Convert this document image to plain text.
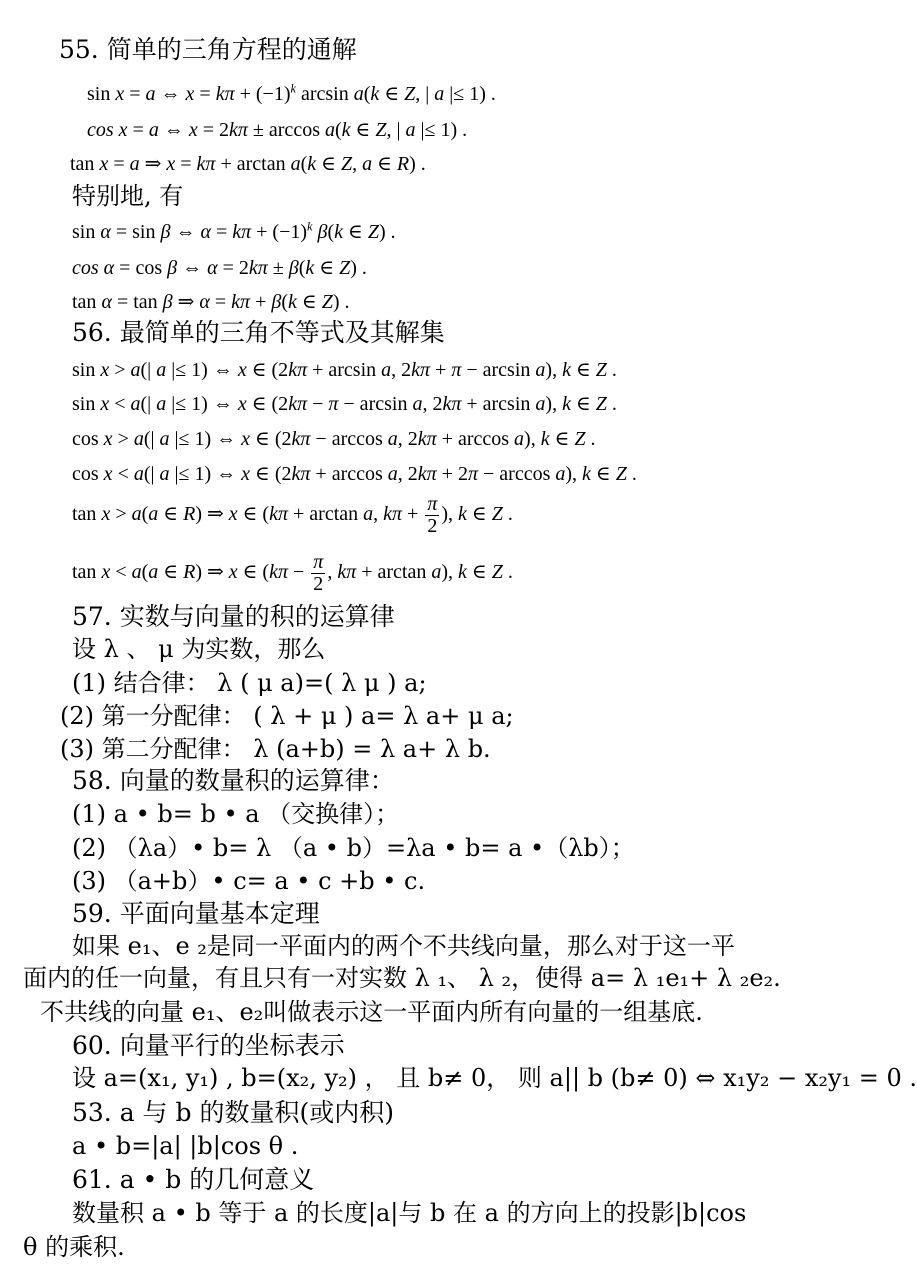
55. 简单的三角方程的通解
sin x = a ⇔ $x = k\pi + (-1)^k$ arcsin a(k ∈ Z, | a |≤ 1) .
cos x = a ⇔ x = 2kπ ± arccos a(k ∈ Z, | a |≤ 1) .
tan x = a ⇒ x = kπ + arctan a(k ∈ Z, a ∈ R) .
特别地, 有
sin α = sin β ⇔ $\alpha = k\pi + (-1)^k$ β(k ∈ Z) .
cos α = cos β ⇔ α = 2kπ ± β(k ∈ Z) .
tan α = tan β ⇒ α = kπ + β(k ∈ Z) .
56. 最简单的三角不等式及其解集
sin x > a(| a |≤ 1) ⇔ x ∈ (2kπ + arcsin a, 2kπ + π − arcsin a), k ∈ Z .
sin x < a(| a |≤ 1) ⇔ x ∈ (2kπ − π − arcsin a, 2kπ + arcsin a), k ∈ Z .
cos x > a(| a |≤ 1) ⇔ x ∈ (2kπ − arccos a, 2kπ + arccos a), k ∈ Z .
cos x < a(| a |≤ 1) ⇔ x ∈ (2kπ + arccos a, 2kπ + 2π − arccos a), k ∈ Z .
tan x > a(a ∈ R) ⇒ x ∈ (kπ + arctan a, $k\pi + \frac{\pi}{2}$ ), k ∈ Z .
tan x < a(a ∈ R) ⇒ x ∈ ($k\pi - \frac{\pi}{2}$ , kπ + arctan a), k ∈ Z .
57. 实数与向量的积的运算律
设 λ 、 μ 为实数，那么
(1) 结合律： λ ( μ a)=( λ μ ) a;
(2) 第一分配律： ( λ + μ ) a= λ a+ μ a;
(3) 第二分配律： λ (a+b) = λ a+ λ b.
58. 向量的数量积的运算律：
(1) a • b= b • a （交换律）；
(2) （λa）• b= λ （a • b）=λa • b= a •（λb）；
(3) （a+b）• c= a • c +b • c.
59. 平面向量基本定理
如果 e₁、e ₂是同一平面内的两个不共线向量，那么对于这一平
面内的任一向量，有且只有一对实数 λ ₁、 λ ₂，使得 a= λ ₁e₁+ λ ₂e₂.
不共线的向量 e₁、e₂叫做表示这一平面内所有向量的一组基底.
60. 向量平行的坐标表示
设 a=(x₁, y₁) , b=(x₂, y₂) ， 且 b≠ 0， 则 a|| b (b≠ 0) ⇔ x₁y₂ − x₂y₁ = 0 .
53. a 与 b 的数量积(或内积)
a • b=|a| |b|cos θ .
61. a • b 的几何意义
数量积 a • b 等于 a 的长度|a|与 b 在 a 的方向上的投影|b|cos
θ 的乘积.
